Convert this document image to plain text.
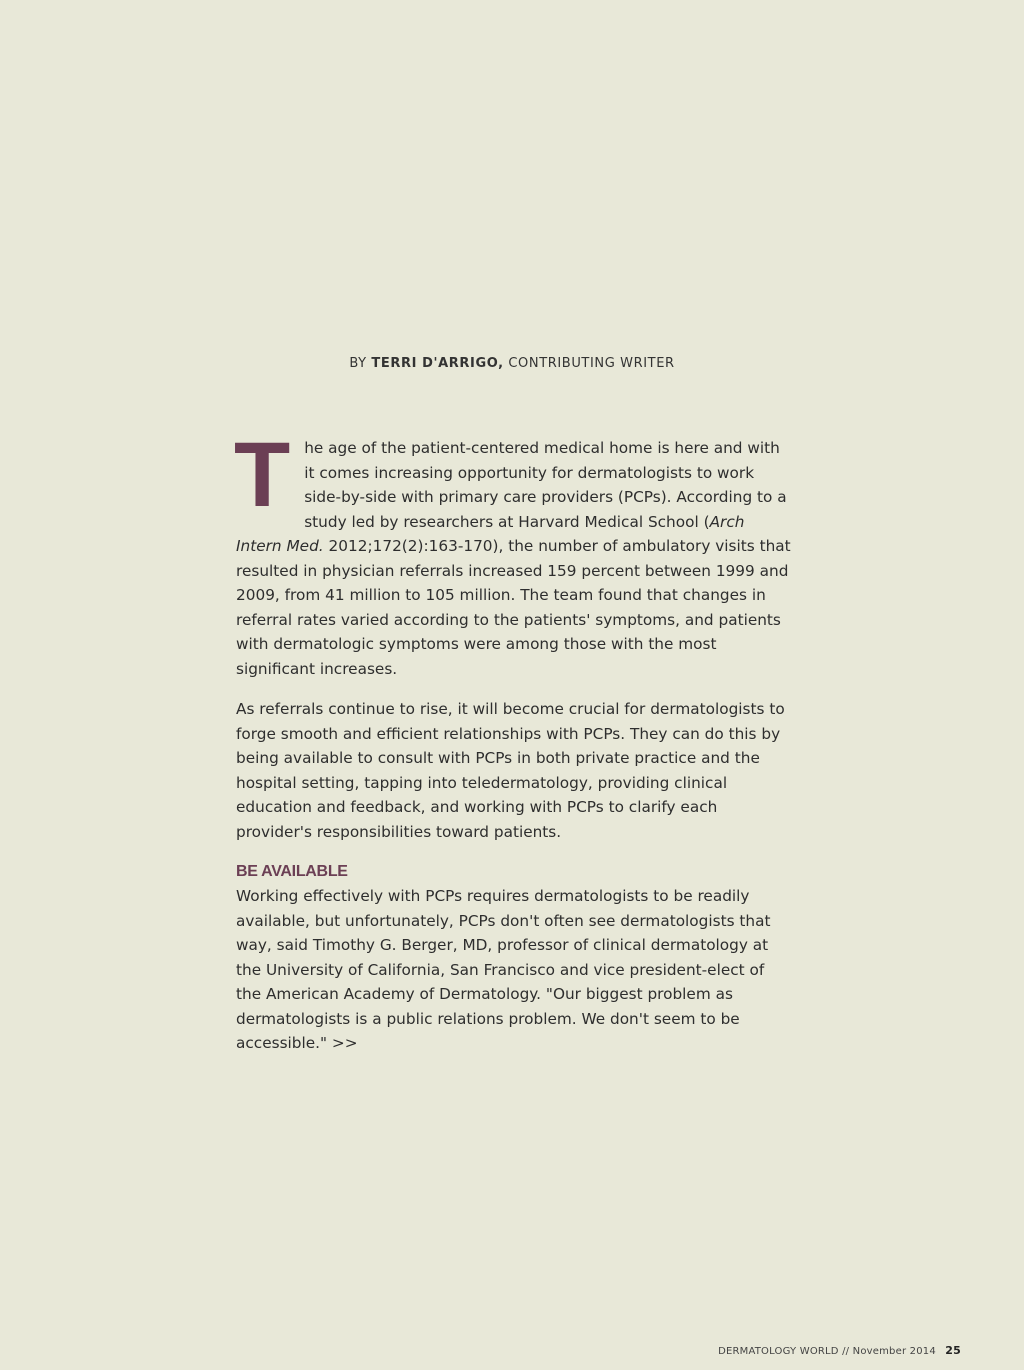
BY TERRI D'ARRIGO, CONTRIBUTING WRITER

The age of the patient-centered medical home is here and with it comes increasing opportunity for dermatologists to work side-by-side with primary care providers (PCPs). According to a study led by researchers at Harvard Medical School (Arch Intern Med. 2012;172(2):163-170), the number of ambulatory visits that resulted in physician referrals increased 159 percent between 1999 and 2009, from 41 million to 105 million. The team found that changes in referral rates varied according to the patients' symptoms, and patients with dermatologic symptoms were among those with the most significant increases.

As referrals continue to rise, it will become crucial for dermatologists to forge smooth and efficient relationships with PCPs. They can do this by being available to consult with PCPs in both private practice and the hospital setting, tapping into teledermatology, providing clinical education and feedback, and working with PCPs to clarify each provider's responsibilities toward patients.

BE AVAILABLE

Working effectively with PCPs requires dermatologists to be readily available, but unfortunately, PCPs don't often see dermatologists that way, said Timothy G. Berger, MD, professor of clinical dermatology at the University of California, San Francisco and vice president-elect of the American Academy of Dermatology. "Our biggest problem as dermatologists is a public relations problem. We don't seem to be accessible." >>

DERMATOLOGY WORLD // November 2014 25
